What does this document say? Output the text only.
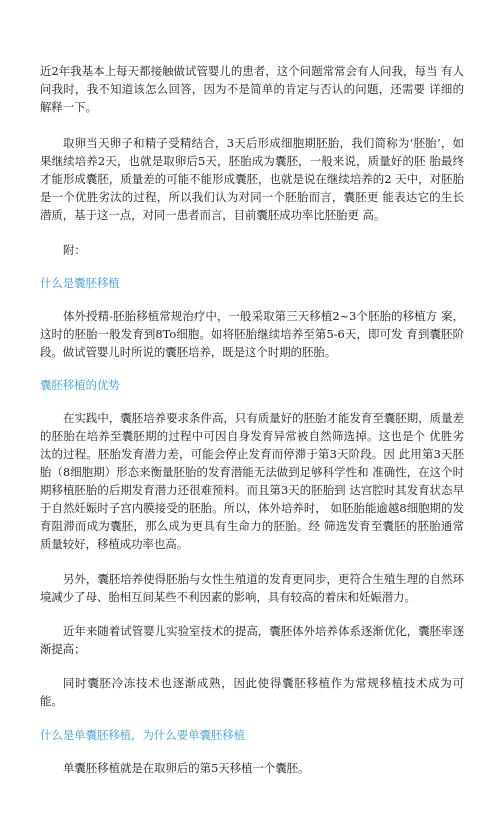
近2年我基本上每天都接触做试管婴儿的患者，这个问题常常会有人问我，每当 有人问我时，我不知道该怎么回答，因为不是简单的肯定与否认的问题，还需要 详细的解释一下。

取卵当天卵子和精子受精结合，3天后形成细胞期胚胎，我们简称为‘胚胎’，如果继续培养2天，也就是取卵后5天，胚胎成为囊胚，一般来说，质量好的胚 胎最终才能形成囊胚，质量差的可能不能形成囊胚，也就是说在继续培养的2 天中，对胚胎是一个优胜劣汰的过程，所以我们认为对同一个胚胎而言，囊胚更 能表达它的生长潜质，基于这一点，对同一患者而言，目前囊胚成功率比胚胎更 高。

附：

什么是囊胚移植

体外授精-胚胎移植常规治疗中，一般采取第三天移植2~3个胚胎的移植方 案，这时的胚胎一般发育到8To细胞。如将胚胎继续培养至第5-6天，即可发 育到囊胚阶段。做试管婴儿时所说的囊胚培养，既是这个时期的胚胎。

囊胚移植的优势

在实践中，囊胚培养要求条件高，只有质量好的胚胎才能发育至囊胚期，质量差的胚胎在培养至囊胚期的过程中可因自身发育异常被自然筛选掉。这也是个 优胜劣汰的过程。胚胎发育潜力差，可能会停止发育而停滞于第3天阶段。因 此用第3天胚胎（8细胞期）形态来衡量胚胎的发育潜能无法做到足够科学性和 准确性，在这个时期移植胚胎的后期发育潜力还很难预料。而且第3天的胚胎到 达宫腔时其发育状态早于自然妊娠时子宫内膜接受的胚胎。所以，体外培养时， 如胚胎能逾越8细胞期的发育阻滞而成为囊胚，那么成为更具有生命力的胚胎。经 筛选发育至囊胚的胚胎通常质量较好，移植成功率也高。

另外，囊胚培养使得胚胎与女性生殖道的发育更同步，更符合生殖生理的自然环境减少了母、胎相互间某些不利因素的影响，具有较高的着床和妊娠潜力。

近年来随着试管婴儿实验室技术的提高，囊胚体外培养体系逐渐优化，囊胚率逐渐提高；

同时囊胚冷冻技术也逐渐成熟，因此使得囊胚移植作为常规移植技术成为可 能。

什么是单囊胚移植，为什么要单囊胚移植

单囊胚移植就是在取卵后的第5天移植一个囊胚。
